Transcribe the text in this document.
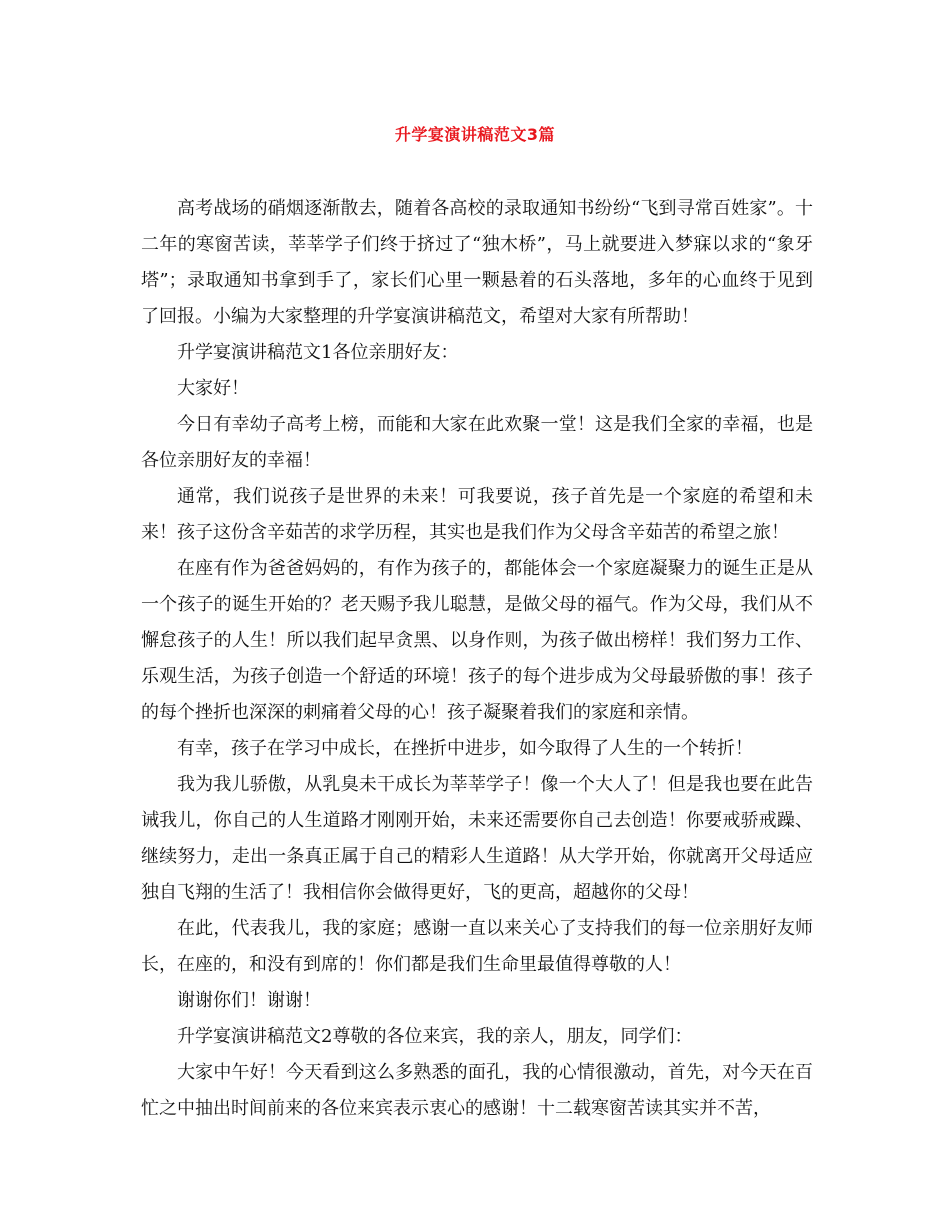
升学宴演讲稿范文3篇

高考战场的硝烟逐渐散去，随着各高校的录取通知书纷纷“飞到寻常百姓家”。十二年的寒窗苦读，莘莘学子们终于挤过了“独木桥”，马上就要进入梦寐以求的“象牙塔”；录取通知书拿到手了，家长们心里一颗悬着的石头落地，多年的心血终于见到了回报。小编为大家整理的升学宴演讲稿范文，希望对大家有所帮助！

升学宴演讲稿范文1各位亲朋好友：

大家好！

今日有幸幼子高考上榜，而能和大家在此欢聚一堂！这是我们全家的幸福，也是各位亲朋好友的幸福！

通常，我们说孩子是世界的未来！可我要说，孩子首先是一个家庭的希望和未来！孩子这份含辛茹苦的求学历程，其实也是我们作为父母含辛茹苦的希望之旅！

在座有作为爸爸妈妈的，有作为孩子的，都能体会一个家庭凝聚力的诞生正是从一个孩子的诞生开始的？老天赐予我儿聪慧，是做父母的福气。作为父母，我们从不懈怠孩子的人生！所以我们起早贪黑、以身作则，为孩子做出榜样！我们努力工作、乐观生活，为孩子创造一个舒适的环境！孩子的每个进步成为父母最骄傲的事！孩子的每个挫折也深深的刺痛着父母的心！孩子凝聚着我们的家庭和亲情。

有幸，孩子在学习中成长，在挫折中进步，如今取得了人生的一个转折！

我为我儿骄傲，从乳臭未干成长为莘莘学子！像一个大人了！但是我也要在此告诫我儿，你自己的人生道路才刚刚开始，未来还需要你自己去创造！你要戒骄戒躁、继续努力，走出一条真正属于自己的精彩人生道路！从大学开始，你就离开父母适应独自飞翔的生活了！我相信你会做得更好，飞的更高，超越你的父母！

在此，代表我儿，我的家庭；感谢一直以来关心了支持我们的每一位亲朋好友师长，在座的，和没有到席的！你们都是我们生命里最值得尊敬的人！

谢谢你们！谢谢！

升学宴演讲稿范文2尊敬的各位来宾，我的亲人，朋友，同学们：

大家中午好！今天看到这么多熟悉的面孔，我的心情很激动，首先，对今天在百忙之中抽出时间前来的各位来宾表示衷心的感谢！十二载寒窗苦读其实并不苦，
